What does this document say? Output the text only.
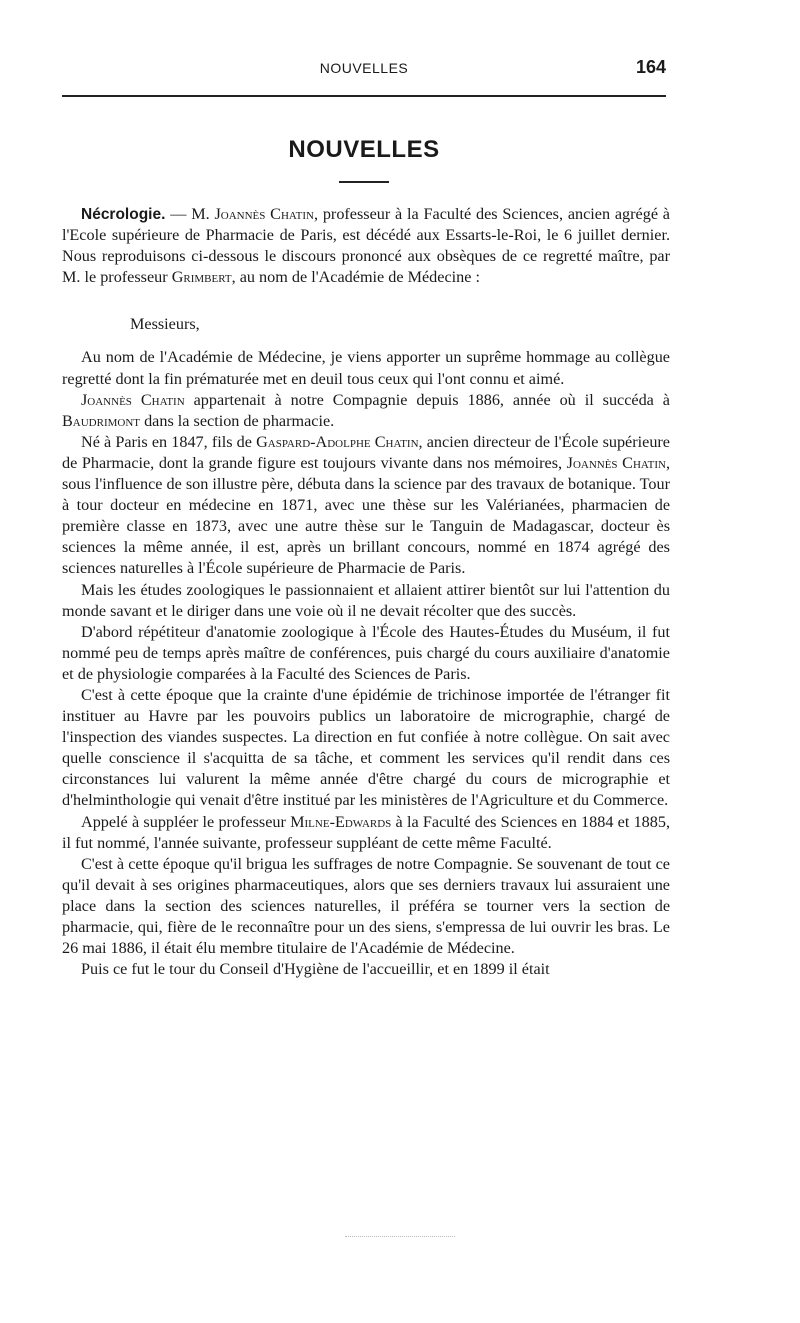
NOUVELLES	164
NOUVELLES

Nécrologie. — M. Joannès Chatin, professeur à la Faculté des Sciences, ancien agrégé à l'Ecole supérieure de Pharmacie de Paris, est décédé aux Essarts-le-Roi, le 6 juillet dernier. Nous reproduisons ci-dessous le discours prononcé aux obsèques de ce regretté maître, par M. le professeur Grimbert, au nom de l'Académie de Médecine :

Messieurs,

Au nom de l'Académie de Médecine, je viens apporter un suprême hommage au collègue regretté dont la fin prématurée met en deuil tous ceux qui l'ont connu et aimé.

Joannès Chatin appartenait à notre Compagnie depuis 1886, année où il succéda à Baudrimont dans la section de pharmacie.

Né à Paris en 1847, fils de Gaspard-Adolphe Chatin, ancien directeur de l'École supérieure de Pharmacie, dont la grande figure est toujours vivante dans nos mémoires, Joannès Chatin, sous l'influence de son illustre père, débuta dans la science par des travaux de botanique. Tour à tour docteur en médecine en 1871, avec une thèse sur les Valérianées, pharmacien de première classe en 1873, avec une autre thèse sur le Tanguin de Madagascar, docteur ès sciences la même année, il est, après un brillant concours, nommé en 1874 agrégé des sciences naturelles à l'École supérieure de Pharmacie de Paris.

Mais les études zoologiques le passionnaient et allaient attirer bientôt sur lui l'attention du monde savant et le diriger dans une voie où il ne devait récolter que des succès.

D'abord répétiteur d'anatomie zoologique à l'École des Hautes-Études du Muséum, il fut nommé peu de temps après maître de conférences, puis chargé du cours auxiliaire d'anatomie et de physiologie comparées à la Faculté des Sciences de Paris.

C'est à cette époque que la crainte d'une épidémie de trichinose importée de l'étranger fit instituer au Havre par les pouvoirs publics un laboratoire de micrographie, chargé de l'inspection des viandes suspectes. La direction en fut confiée à notre collègue. On sait avec quelle conscience il s'acquitta de sa tâche, et comment les services qu'il rendit dans ces circonstances lui valurent la même année d'être chargé du cours de micrographie et d'helminthologie qui venait d'être institué par les ministères de l'Agriculture et du Commerce.

Appelé à suppléer le professeur Milne-Edwards à la Faculté des Sciences en 1884 et 1885, il fut nommé, l'année suivante, professeur suppléant de cette même Faculté.

C'est à cette époque qu'il brigua les suffrages de notre Compagnie. Se souvenant de tout ce qu'il devait à ses origines pharmaceutiques, alors que ses derniers travaux lui assuraient une place dans la section des sciences naturelles, il préféra se tourner vers la section de pharmacie, qui, fière de le reconnaître pour un des siens, s'empressa de lui ouvrir les bras. Le 26 mai 1886, il était élu membre titulaire de l'Académie de Médecine.

Puis ce fut le tour du Conseil d'Hygiène de l'accueillir, et en 1899 il était
